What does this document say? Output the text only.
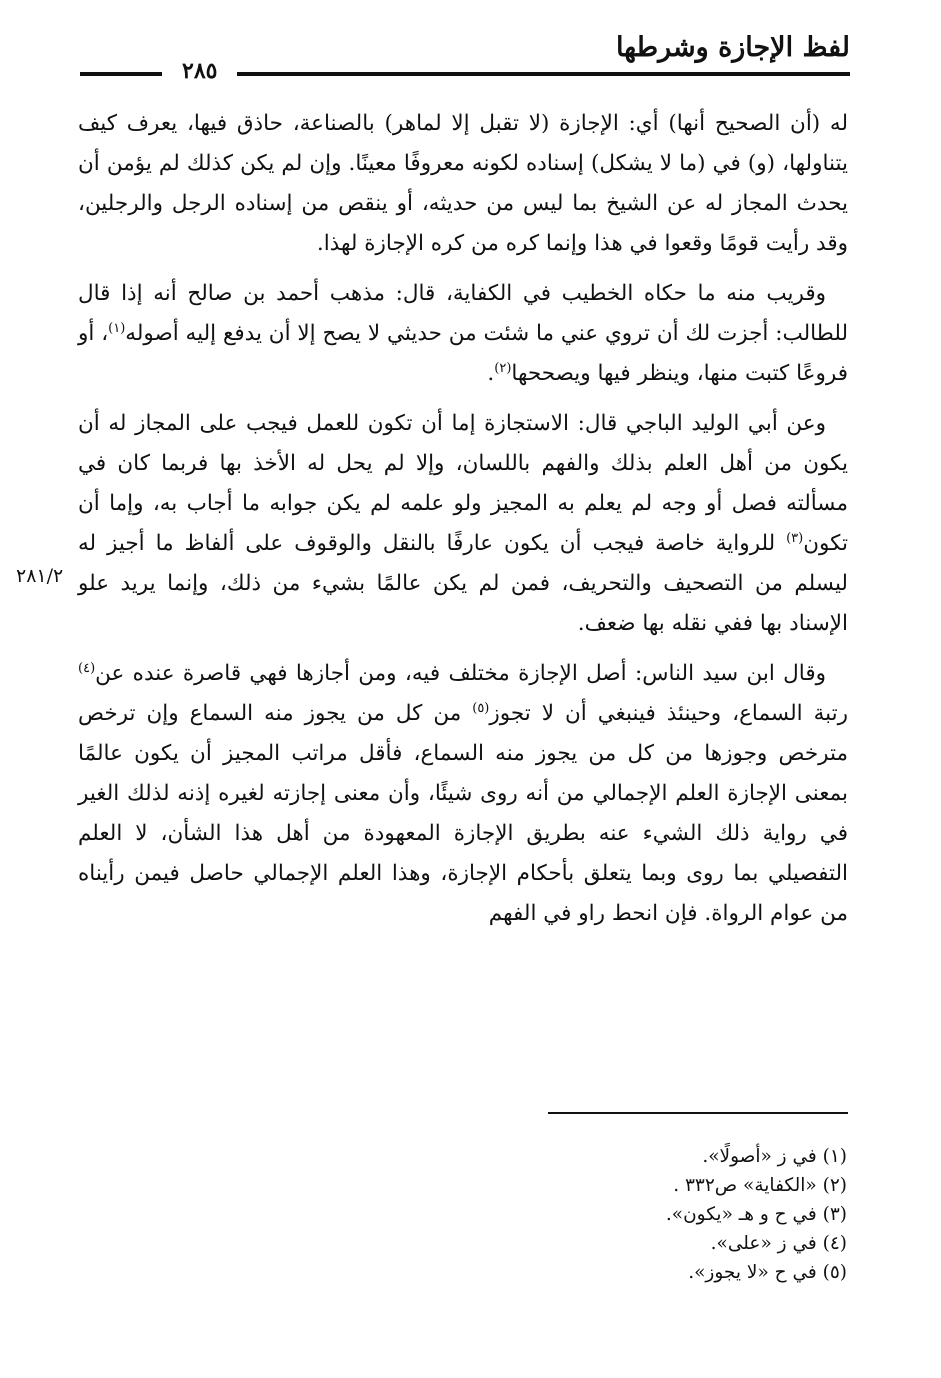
لفظ الإجازة وشرطها
٢٨٥

له (أن الصحيح أنها) أي: الإجازة (لا تقبل إلا لماهر) بالصناعة، حاذق فيها، يعرف كيف يتناولها، (و) في (ما لا يشكل) إسناده لكونه معروفًا معينًا. وإن لم يكن كذلك لم يؤمن أن يحدث المجاز له عن الشيخ بما ليس من حديثه، أو ينقص من إسناده الرجل والرجلين، وقد رأيت قومًا وقعوا في هذا وإنما كره من كره الإجازة لهذا.

وقريب منه ما حكاه الخطيب في الكفاية، قال: مذهب أحمد بن صالح أنه إذا قال للطالب: أجزت لك أن تروي عني ما شئت من حديثي لا يصح إلا أن يدفع إليه أصوله$^{(١)}$، أو فروعًا كتبت منها، وينظر فيها ويصححها$^{(٢)}$.

وعن أبي الوليد الباجي قال: الاستجازة إما أن تكون للعمل فيجب على المجاز له أن يكون من أهل العلم بذلك والفهم باللسان، وإلا لم يحل له الأخذ بها فربما كان في مسألته فصل أو وجه لم يعلم به المجيز ولو علمه لم يكن جوابه ما أجاب به، وإما أن تكون$^{(٣)}$ للرواية خاصة فيجب أن يكون عارفًا بالنقل والوقوف على ألفاظ ما أجيز له ليسلم من التصحيف والتحريف، فمن لم يكن عالمًا بشيء من ذلك، وإنما يريد علو الإسناد بها ففي نقله بها ضعف.

وقال ابن سيد الناس: أصل الإجازة مختلف فيه، ومن أجازها فهي قاصرة عنده عن$^{(٤)}$ رتبة السماع، وحينئذ فينبغي أن لا تجوز$^{(٥)}$ من كل من يجوز منه السماع وإن ترخص مترخص وجوزها من كل من يجوز منه السماع، فأقل مراتب المجيز أن يكون عالمًا بمعنى الإجازة العلم الإجمالي من أنه روى شيئًا، وأن معنى إجازته لغيره إذنه لذلك الغير في رواية ذلك الشيء عنه بطريق الإجازة المعهودة من أهل هذا الشأن، لا العلم التفصيلي بما روى وبما يتعلق بأحكام الإجازة، وهذا العلم الإجمالي حاصل فيمن رأيناه من عوام الرواة. فإن انحط راو في الفهم

٢٨١/٢
(١) في ز «أصولًا».
(٢) «الكفاية» ص٣٣٢ .
(٣) في ح و هـ «يكون».
(٤) في ز «على».
(٥) في ح «لا يجوز».
